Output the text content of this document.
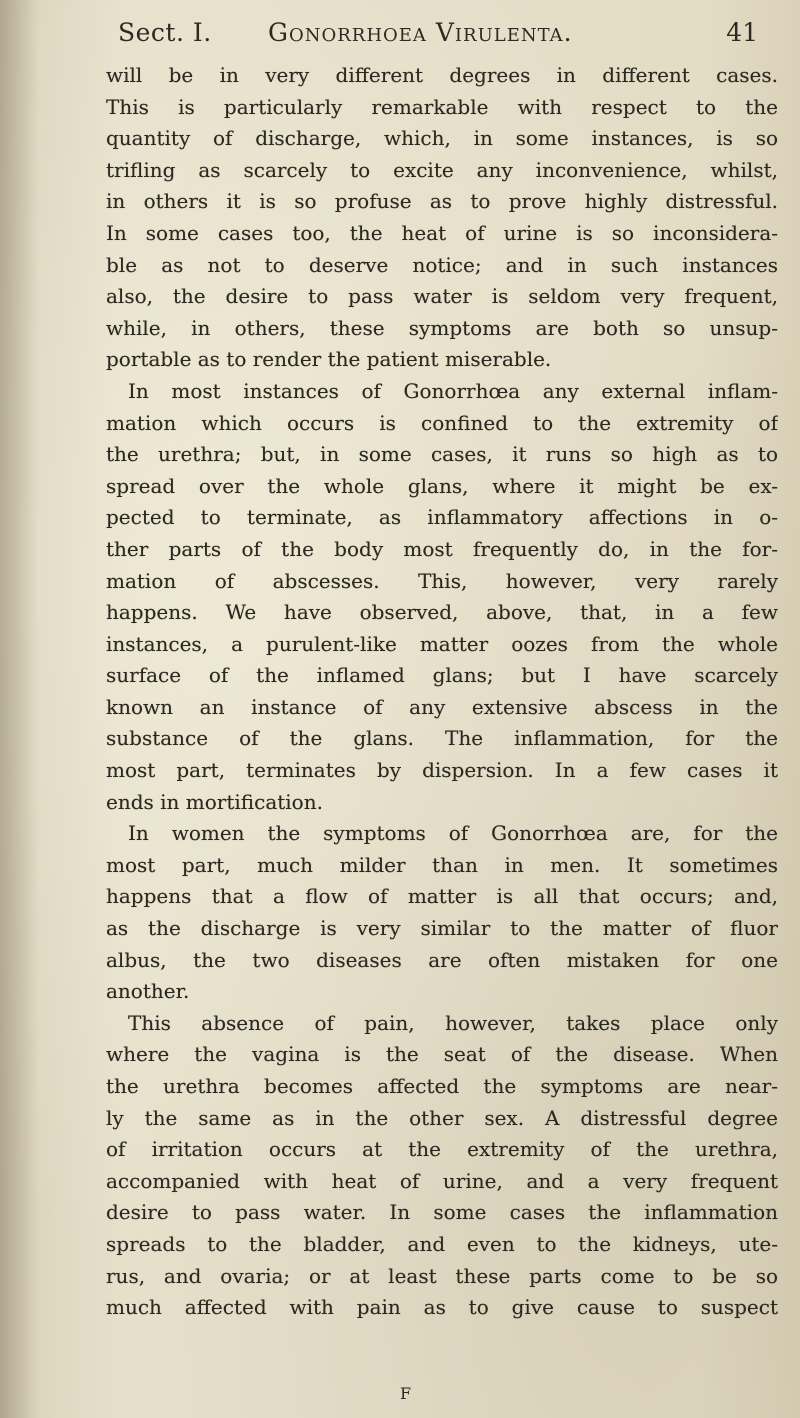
Sect. I. Gonorrhoea Virulenta.	41
will be in very different degrees in different cases.
This is particularly remarkable with respect to the
quantity of discharge, which, in some instances, is so
trifling as scarcely to excite any inconvenience, whilst,
in others it is so profuse as to prove highly distressful.
In some cases too, the heat of urine is so inconsidera-
ble as not to deserve notice; and in such instances
also, the desire to pass water is seldom very frequent,
while, in others, these symptoms are both so unsup-
portable as to render the patient miserable.
In most instances of Gonorrhœa any external inflam-
mation which occurs is confined to the extremity of
the urethra; but, in some cases, it runs so high as to
spread over the whole glans, where it might be ex-
pected to terminate, as inflammatory affections in o-
ther parts of the body most frequently do, in the for-
mation of abscesses. This, however, very rarely
happens. We have observed, above, that, in a few
instances, a purulent-like matter oozes from the whole
surface of the inflamed glans; but I have scarcely
known an instance of any extensive abscess in the
substance of the glans. The inflammation, for the
most part, terminates by dispersion. In a few cases it
ends in mortification.
In women the symptoms of Gonorrhœa are, for the
most part, much milder than in men. It sometimes
happens that a flow of matter is all that occurs; and,
as the discharge is very similar to the matter of fluor
albus, the two diseases are often mistaken for one
another.
This absence of pain, however, takes place only
where the vagina is the seat of the disease. When
the urethra becomes affected the symptoms are near-
ly the same as in the other sex. A distressful degree
of irritation occurs at the extremity of the urethra,
accompanied with heat of urine, and a very frequent
desire to pass water. In some cases the inflammation
spreads to the bladder, and even to the kidneys, ute-
rus, and ovaria; or at least these parts come to be so
much affected with pain as to give cause to suspect
F
